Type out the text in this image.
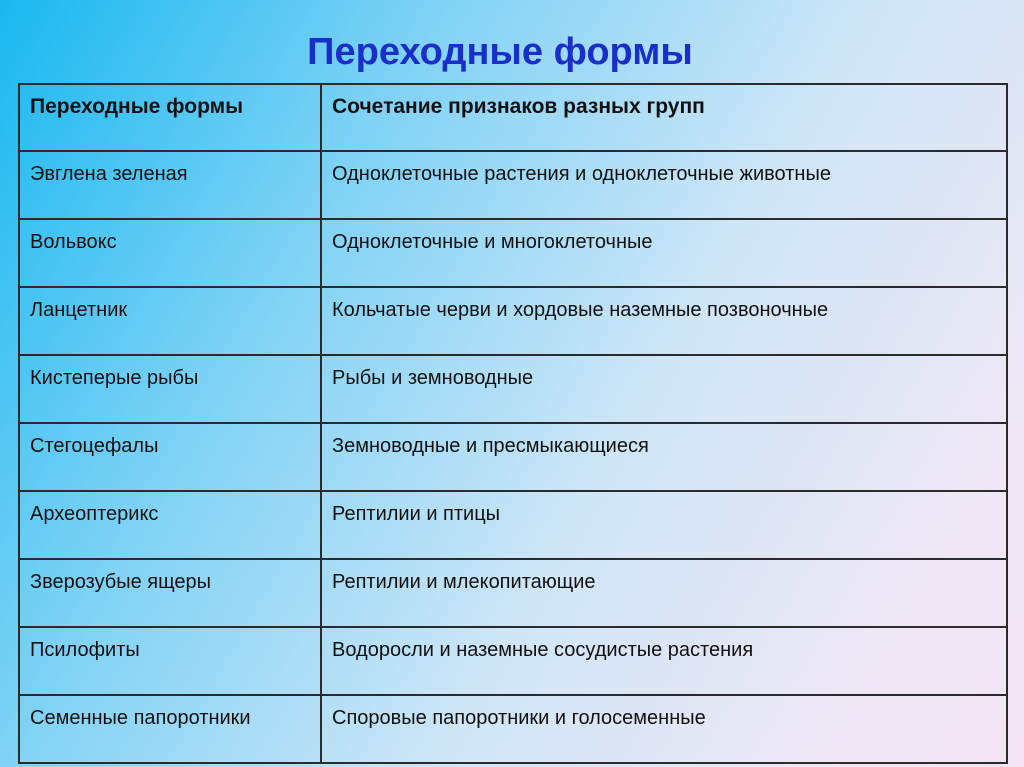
Переходные формы
Переходные формы	Сочетание признаков разных групп
Эвглена зеленая	Одноклеточные растения и одноклеточные животные
Вольвокс	Одноклеточные и многоклеточные
Ланцетник	Кольчатые черви и хордовые наземные позвоночные
Кистеперые рыбы	Рыбы и земноводные
Стегоцефалы	Земноводные и пресмыкающиеся
Археоптерикс	Рептилии и птицы
Зверозубые ящеры	Рептилии и млекопитающие
Псилофиты	Водоросли и наземные сосудистые растения
Семенные папоротники	Споровые папоротники и голосеменные
